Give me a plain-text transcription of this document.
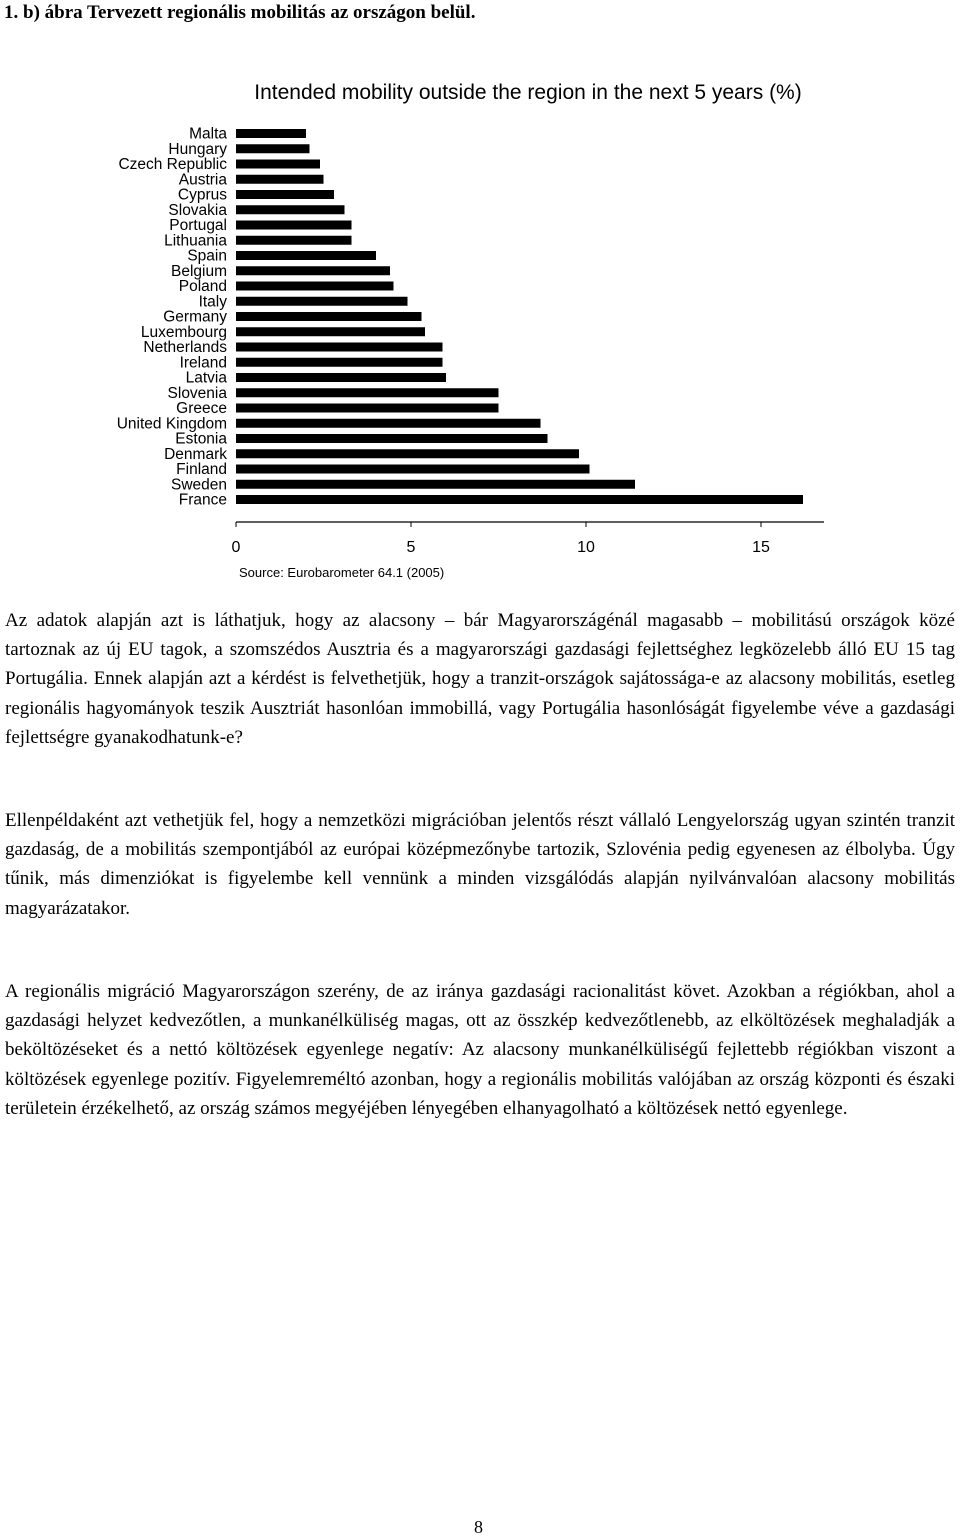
1. b) ábra Tervezett regionális mobilitás az országon belül.
Intended mobility outside the region in the next 5 years (%)
Malta
Hungary
Czech Republic
Austria
Cyprus
Slovakia
Portugal
Lithuania
Spain
Belgium
Poland
Italy
Germany
Luxembourg
Netherlands
Ireland
Latvia
Slovenia
Greece
United Kingdom
Estonia
Denmark
Finland
Sweden
France
0	5	10	15
Source: Eurobarometer 64.1 (2005)

Az adatok alapján azt is láthatjuk, hogy az alacsony – bár Magyarországénál magasabb – mobilitású országok közé tartoznak az új EU tagok, a szomszédos Ausztria és a magyarországi gazdasági fejlettséghez legközelebb álló EU 15 tag Portugália. Ennek alapján azt a kérdést is felvethetjük, hogy a tranzit-országok sajátossága-e az alacsony mobilitás, esetleg regionális hagyományok teszik Ausztriát hasonlóan immobillá, vagy Portugália hasonlóságát figyelembe véve a gazdasági fejlettségre gyanakodhatunk-e?

Ellenpéldaként azt vethetjük fel, hogy a nemzetközi migrációban jelentős részt vállaló Lengyelország ugyan szintén tranzit gazdaság, de a mobilitás szempontjából az európai középmezőnybe tartozik, Szlovénia pedig egyenesen az élbolyba. Úgy tűnik, más dimenziókat is figyelembe kell vennünk a minden vizsgálódás alapján nyilvánvalóan alacsony mobilitás magyarázatakor.

A regionális migráció Magyarországon szerény, de az iránya gazdasági racionalitást követ. Azokban a régiókban, ahol a gazdasági helyzet kedvezőtlen, a munkanélküliség magas, ott az összkép kedvezőtlenebb, az elköltözések meghaladják a beköltözéseket és a nettó költözések egyenlege negatív: Az alacsony munkanélküliségű fejlettebb régiókban viszont a költözések egyenlege pozitív. Figyelemreméltó azonban, hogy a regionális mobilitás valójában az ország központi és északi területein érzékelhető, az ország számos megyéjében lényegében elhanyagolható a költözések nettó egyenlege.

8
